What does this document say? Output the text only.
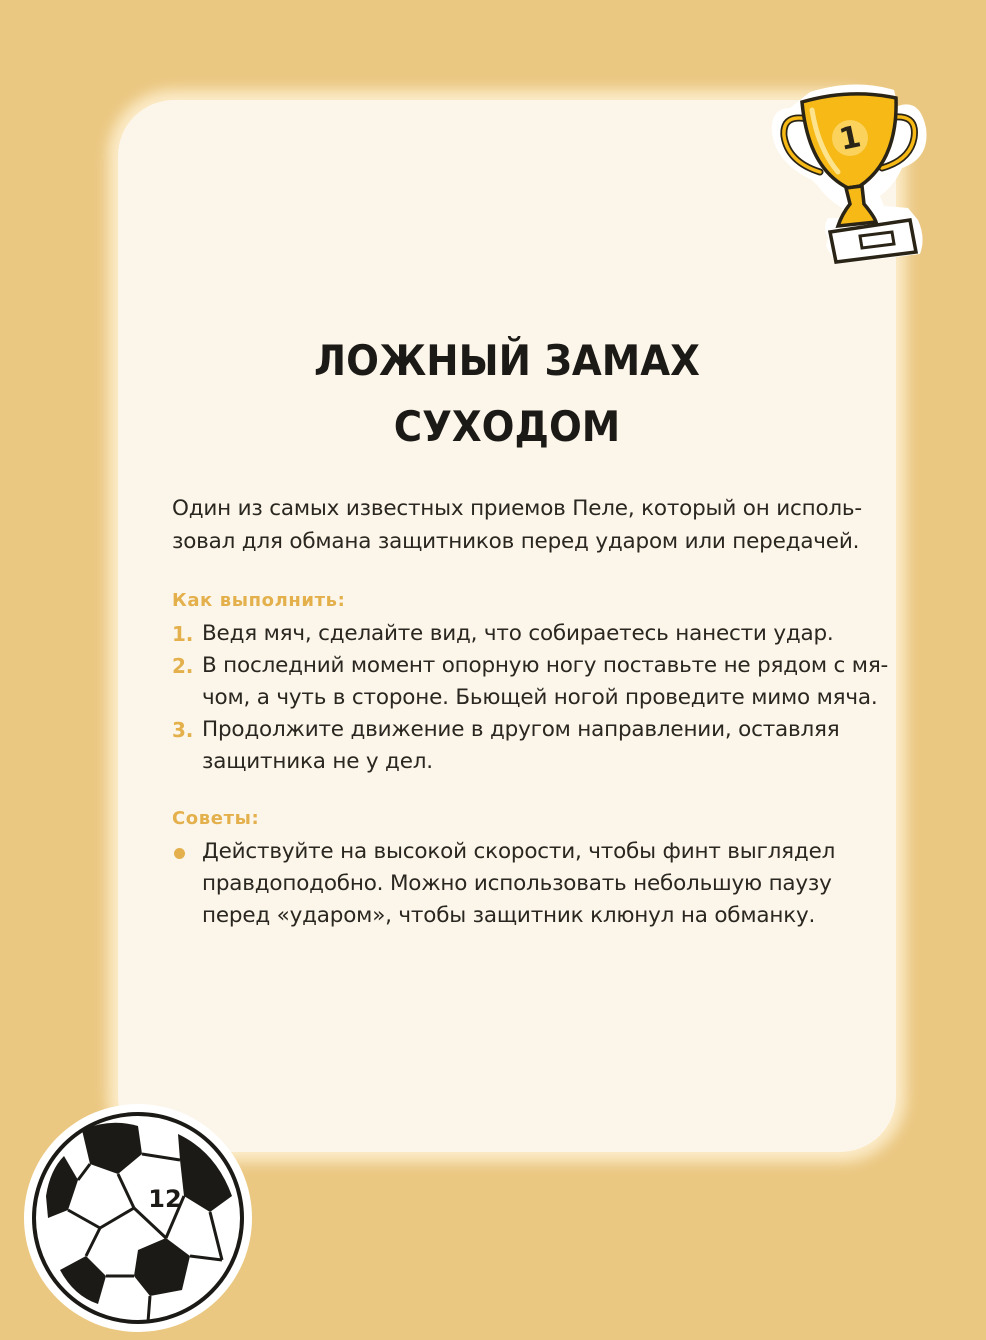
1
ЛОЖНЫЙ ЗАМАХ
СУХОДОМ
Один из самых известных приемов Пеле, который он исполь-
зовал для обмана защитников перед ударом или передачей.
Как выполнить:
1. Ведя мяч, сделайте вид, что собираетесь нанести удар.
2. В последний момент опорную ногу поставьте не рядом с мя-
чом, а чуть в стороне. Бьющей ногой проведите мимо мяча.
3. Продолжите движение в другом направлении, оставляя
защитника не у дел.
Советы:
Действуйте на высокой скорости, чтобы финт выглядел
правдоподобно. Можно использовать небольшую паузу
перед «ударом», чтобы защитник клюнул на обманку.
12
